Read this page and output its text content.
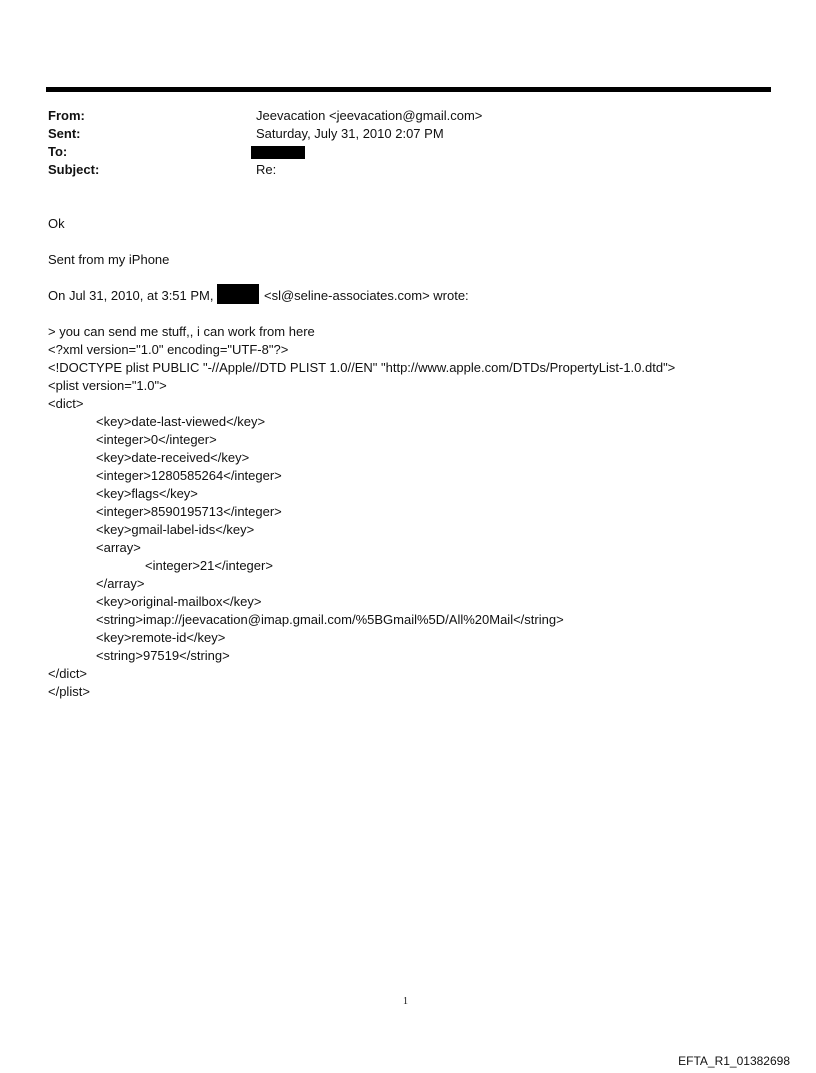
From:	Jeevacation <jeevacation@gmail.com>
Sent:	Saturday, July 31, 2010 2:07 PM
To:
Subject:	Re:
Ok
Sent from my iPhone
On Jul 31, 2010, at 3:51 PM,	<sl@seline-associates.com> wrote:
> you can send me stuff,, i can work from here
<?xml version="1.0" encoding="UTF-8"?>
<!DOCTYPE plist PUBLIC "-//Apple//DTD PLIST 1.0//EN" "http://www.apple.com/DTDs/PropertyList-1.0.dtd">
<plist version="1.0">
<dict>
<key>date-last-viewed</key>
<integer>0</integer>
<key>date-received</key>
<integer>1280585264</integer>
<key>flags</key>
<integer>8590195713</integer>
<key>gmail-label-ids</key>
<array>
<integer>21</integer>
</array>
<key>original-mailbox</key>
<string>imap://jeevacation@imap.gmail.com/%5BGmail%5D/All%20Mail</string>
<key>remote-id</key>
<string>97519</string>
</dict>
</plist>
1
EFTA_R1_01382698
